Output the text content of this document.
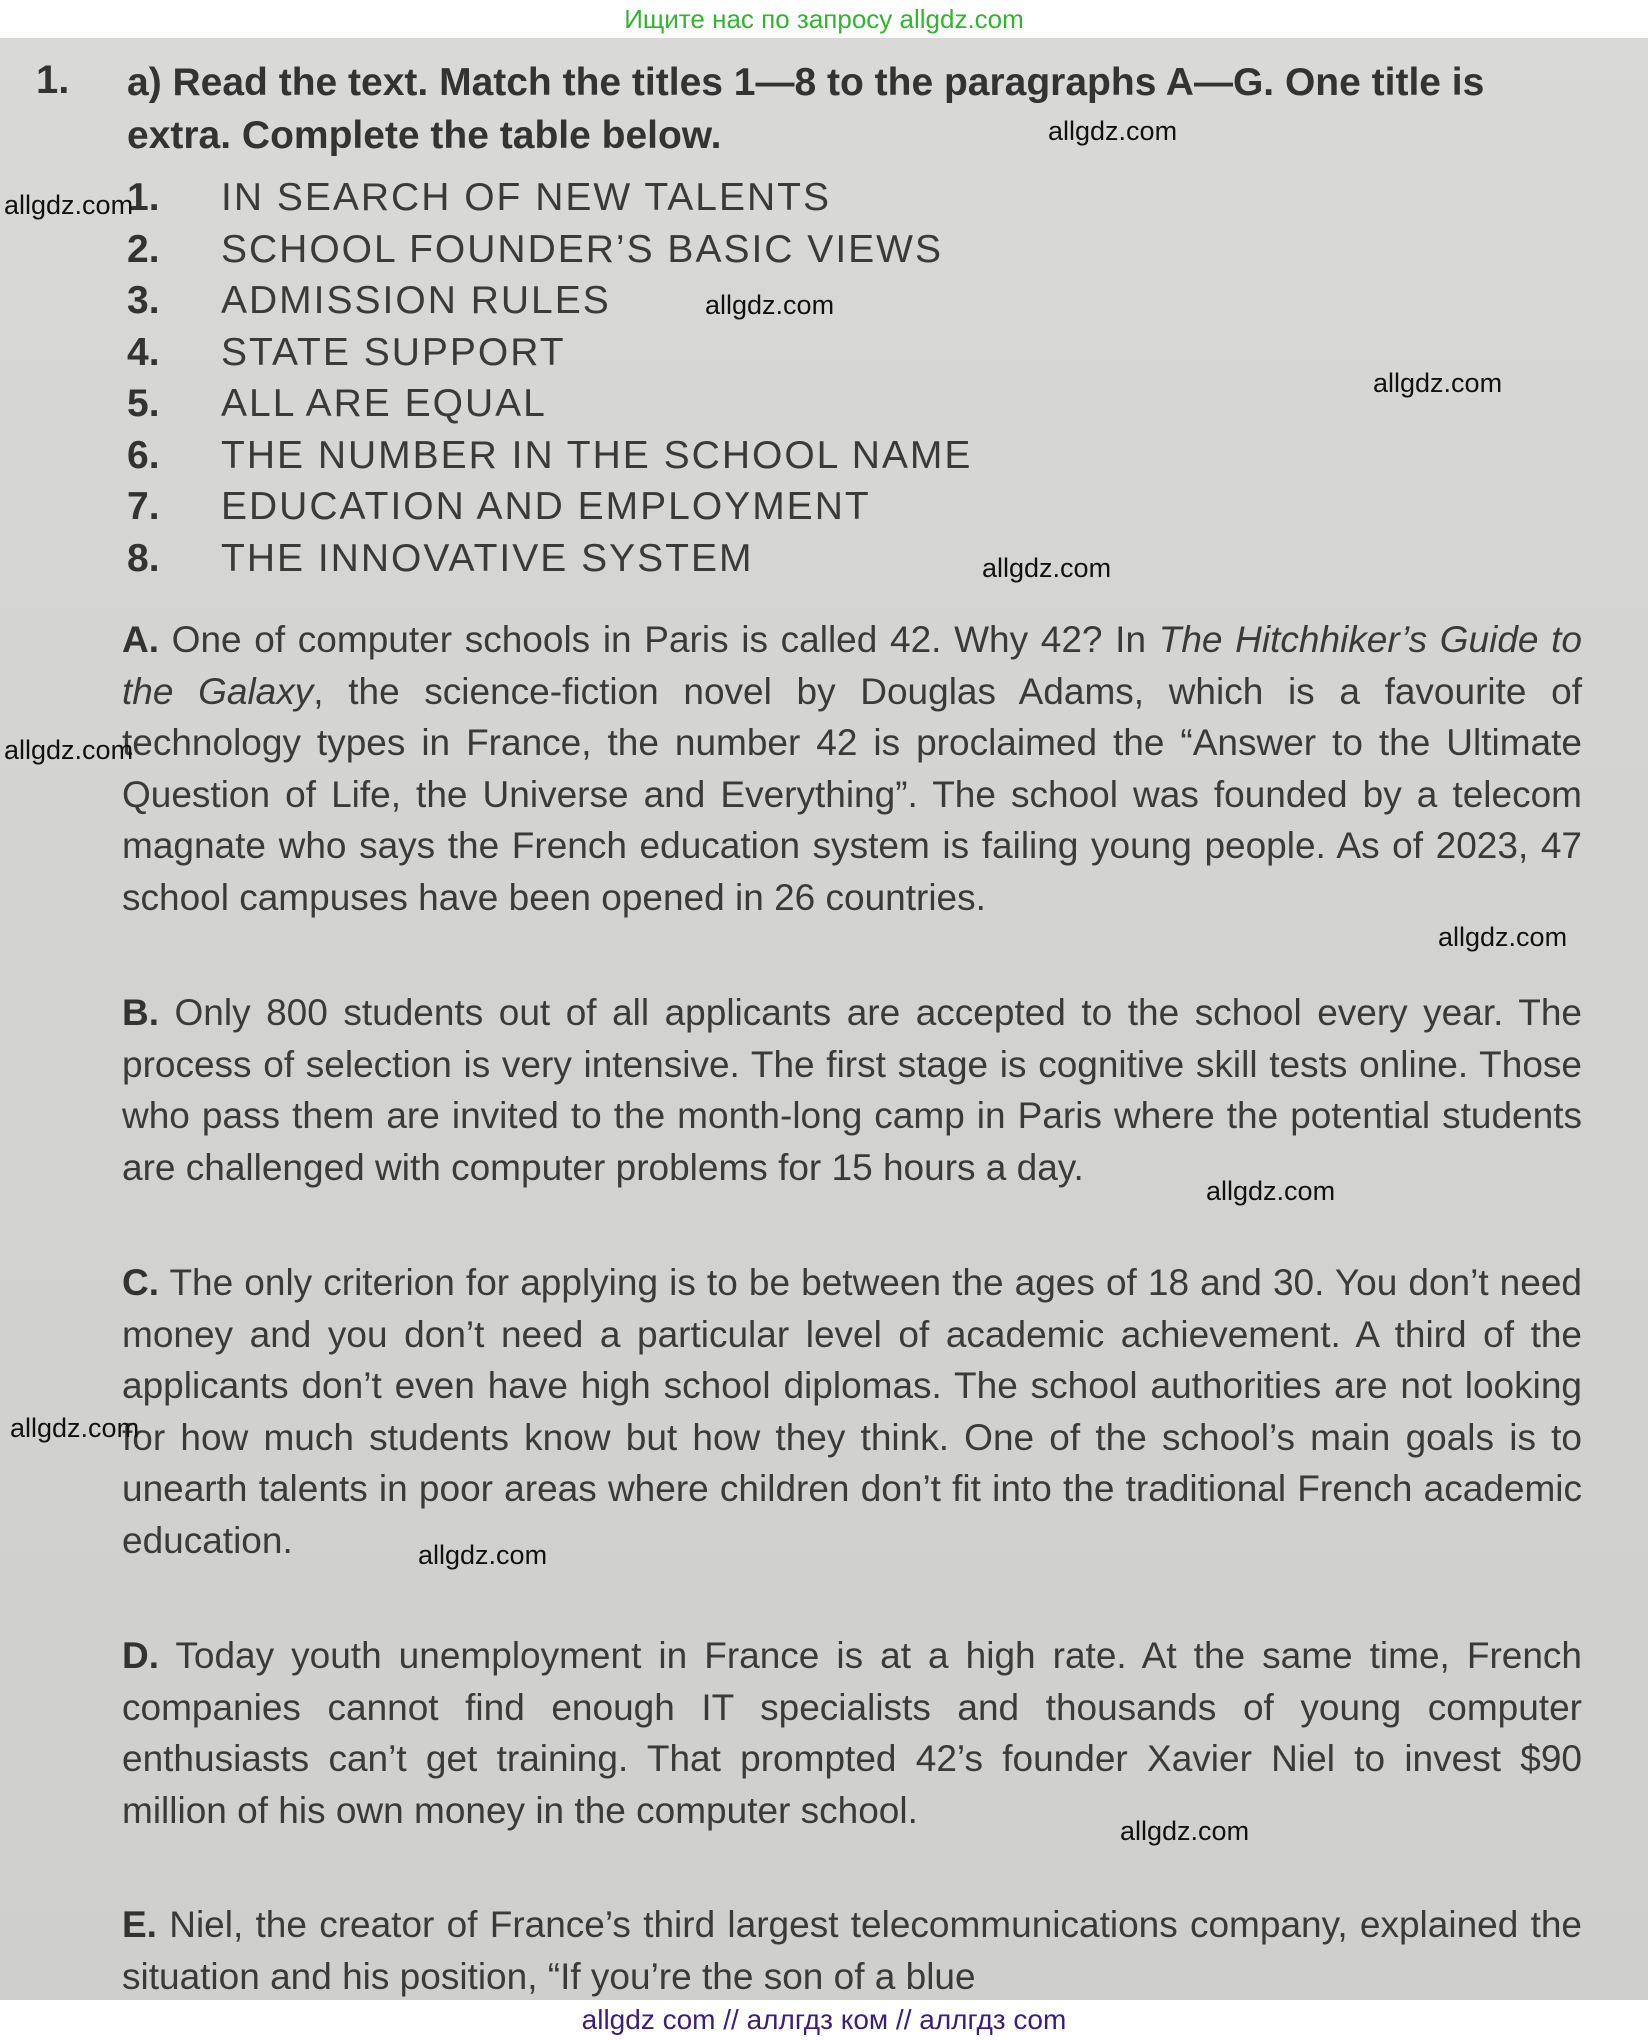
Ищите нас по запросу allgdz.com
1. a) Read the text. Match the titles 1—8 to the paragraphs A—G. One title is extra. Complete the table below.
1. IN SEARCH OF NEW TALENTS
2. SCHOOL FOUNDER’S BASIC VIEWS
3. ADMISSION RULES
4. STATE SUPPORT
5. ALL ARE EQUAL
6. THE NUMBER IN THE SCHOOL NAME
7. EDUCATION AND EMPLOYMENT
8. THE INNOVATIVE SYSTEM

A. One of computer schools in Paris is called 42. Why 42? In The Hitchhiker’s Guide to the Galaxy, the science-fiction novel by Douglas Adams, which is a favourite of technology types in France, the number 42 is proclaimed the “Answer to the Ultimate Question of Life, the Universe and Everything”. The school was founded by a telecom magnate who says the French education system is failing young people. As of 2023, 47 school campuses have been opened in 26 countries.

B. Only 800 students out of all applicants are accepted to the school every year. The process of selection is very intensive. The first stage is cognitive skill tests online. Those who pass them are invited to the month-long camp in Paris where the potential students are challenged with computer problems for 15 hours a day.

C. The only criterion for applying is to be between the ages of 18 and 30. You don’t need money and you don’t need a particular level of academic achievement. A third of the applicants don’t even have high school diplomas. The school authorities are not looking for how much students know but how they think. One of the school’s main goals is to unearth talents in poor areas where children don’t fit into the traditional French academic education.

D. Today youth unemployment in France is at a high rate. At the same time, French companies cannot find enough IT specialists and thousands of young computer enthusiasts can’t get training. That prompted 42’s founder Xavier Niel to invest $90 million of his own money in the computer school.

E. Niel, the creator of France’s third largest telecommunications company, explained the situation and his position, “If you’re the son of a blue

allgdz.com
allgdz.com
allgdz.com
allgdz.com
allgdz.com
allgdz.com
allgdz.com
allgdz.com
allgdz.com
allgdz.com
allgdz.com
allgdz com // аллгдз ком // аллгдз com
